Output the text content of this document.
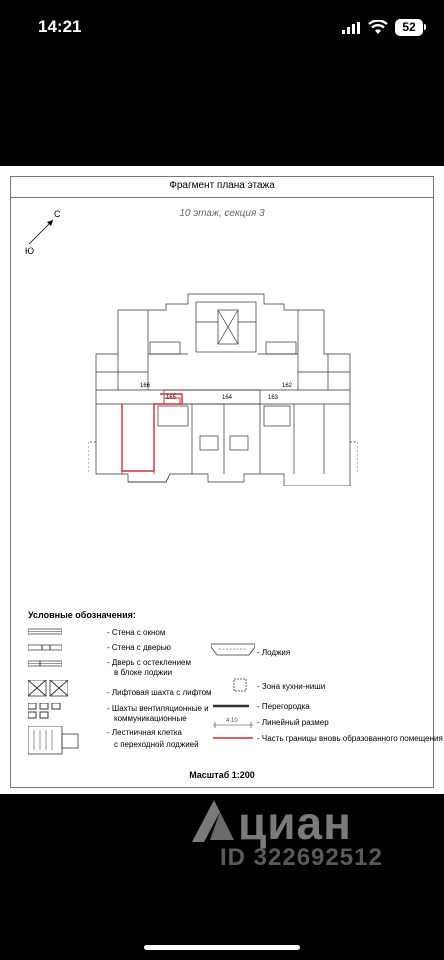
14:21	52
Фрагмент плана этажа
10 этаж, секция 3
С
Ю
166
165	164	163
162
Условные обозначения:
- Стена с окном
- Стена с дверью
- Дверь с остеклением
в блоке лоджии
- Лифтовая шахта с лифтом
- Шахты вентиляционные и
коммуникационные
- Лестничная клетка
с переходной лоджией
- Лоджия
- Зона кухни-ниши
- Перегородка
4.10 - Линейный размер
- Часть границы вновь образованного помещения
Масштаб 1:200
циан
ID 322692512
